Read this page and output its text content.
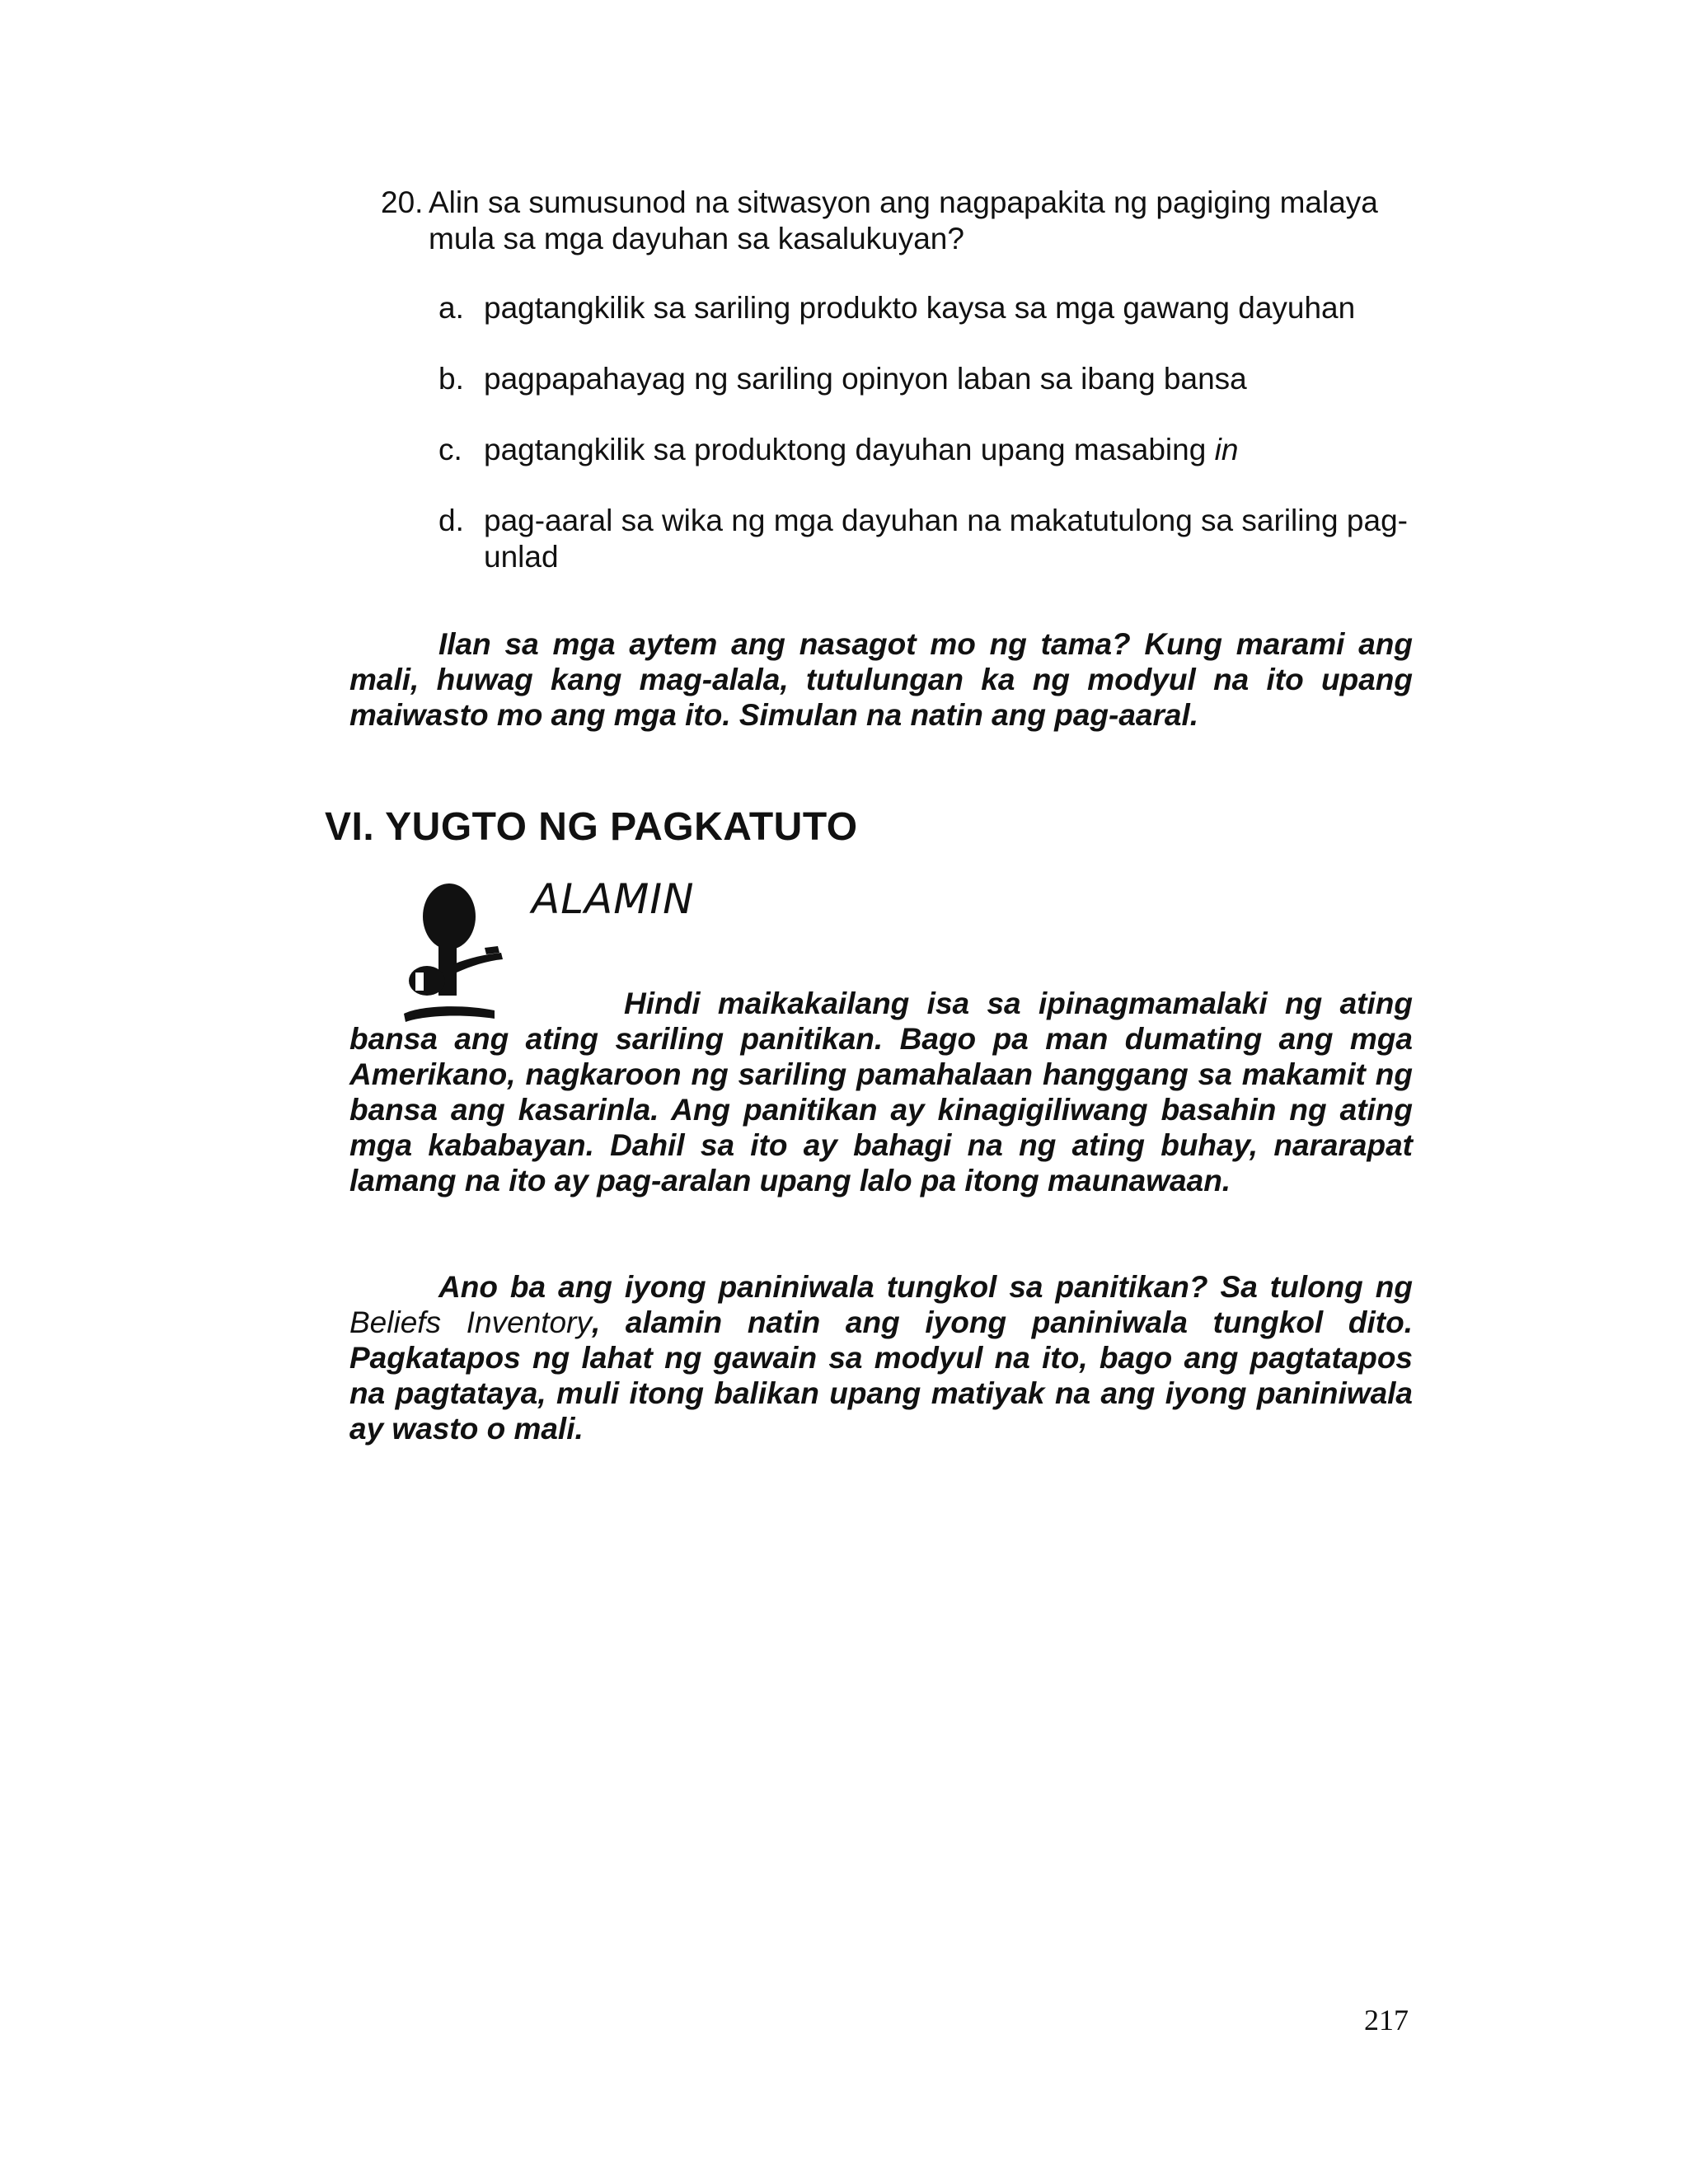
20. Alin sa sumusunod na sitwasyon ang nagpapakita ng pagiging malaya mula sa mga dayuhan sa kasalukuyan?
a. pagtangkilik sa sariling produkto kaysa sa mga gawang dayuhan
b. pagpapahayag ng sariling opinyon laban sa ibang bansa
c. pagtangkilik sa produktong dayuhan upang masabing in
d. pag-aaral sa wika ng mga dayuhan na makatutulong sa sariling pag-unlad
Ilan sa mga aytem ang nasagot mo ng tama? Kung marami ang mali, huwag kang mag-alala, tutulungan ka ng modyul na ito upang maiwasto mo ang mga ito. Simulan na natin ang pag-aaral.
VI. YUGTO NG PAGKATUTO
ALAMIN
Hindi maikakailang isa sa ipinagmamalaki ng ating bansa ang ating sariling panitikan. Bago pa man dumating ang mga Amerikano, nagkaroon ng sariling pamahalaan hanggang sa makamit ng bansa ang kasarinla. Ang panitikan ay kinagigiliwang basahin ng ating mga kababayan. Dahil sa ito ay bahagi na ng ating buhay, nararapat lamang na ito ay pag-aralan upang lalo pa itong maunawaan.
Ano ba ang iyong paniniwala tungkol sa panitikan? Sa tulong ng Beliefs Inventory, alamin natin ang iyong paniniwala tungkol dito. Pagkatapos ng lahat ng gawain sa modyul na ito, bago ang pagtatapos na pagtataya, muli itong balikan upang matiyak na ang iyong paniniwala ay wasto o mali.
217
